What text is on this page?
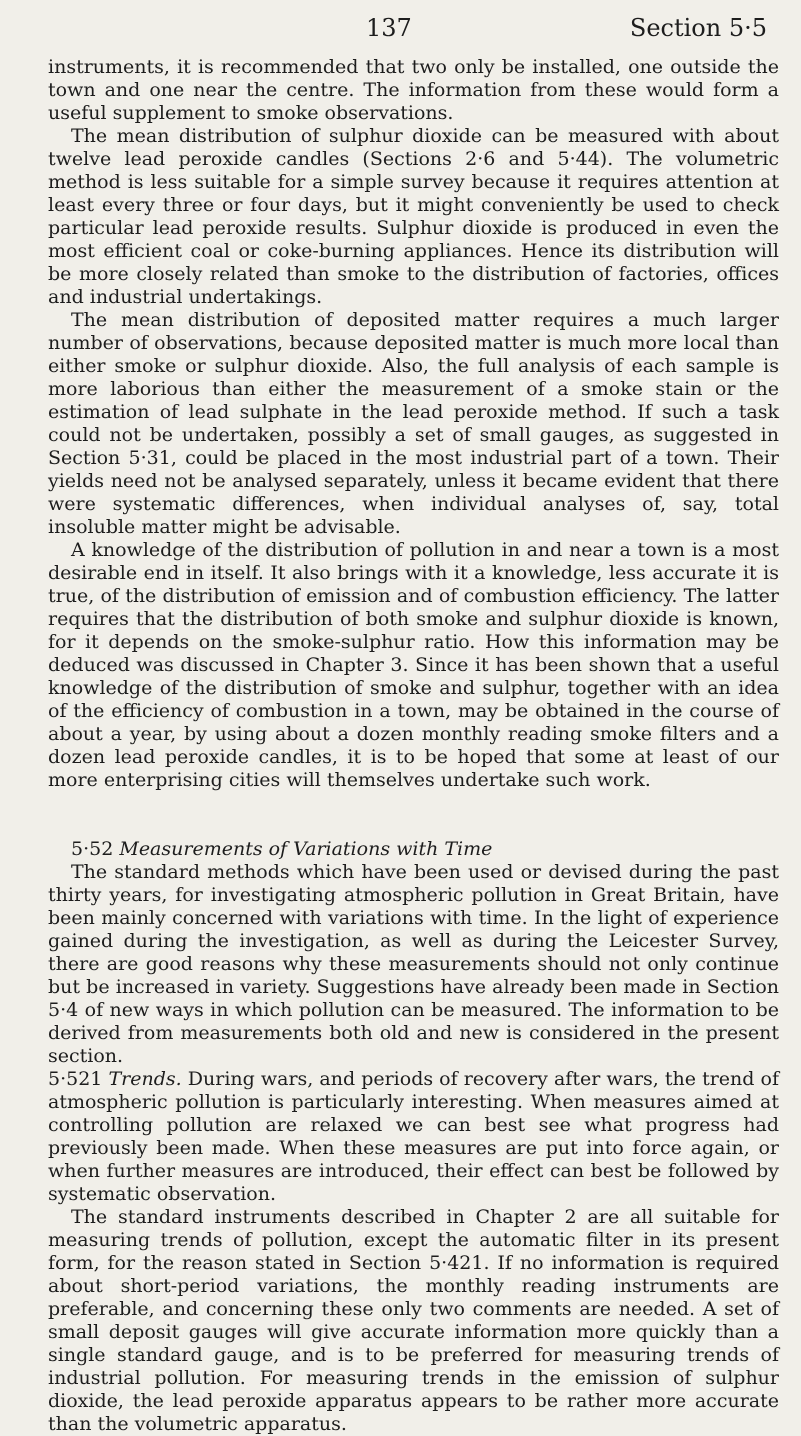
137	Section 5·5

instruments, it is recommended that two only be installed, one outside the town and one near the centre. The information from these would form a useful supplement to smoke observations.

The mean distribution of sulphur dioxide can be measured with about twelve lead peroxide candles (Sections 2·6 and 5·44). The volumetric method is less suitable for a simple survey because it requires attention at least every three or four days, but it might conveniently be used to check particular lead peroxide results. Sulphur dioxide is produced in even the most efficient coal or coke-burning appliances. Hence its distribution will be more closely related than smoke to the distribution of factories, offices and industrial undertakings.

The mean distribution of deposited matter requires a much larger number of observations, because deposited matter is much more local than either smoke or sulphur dioxide. Also, the full analysis of each sample is more laborious than either the measurement of a smoke stain or the estimation of lead sulphate in the lead peroxide method. If such a task could not be undertaken, possibly a set of small gauges, as suggested in Section 5·31, could be placed in the most industrial part of a town. Their yields need not be analysed separately, unless it became evident that there were systematic differences, when individual analyses of, say, total insoluble matter might be advisable.

A knowledge of the distribution of pollution in and near a town is a most desirable end in itself. It also brings with it a knowledge, less accurate it is true, of the distribution of emission and of combustion efficiency. The latter requires that the distribution of both smoke and sulphur dioxide is known, for it depends on the smoke-sulphur ratio. How this information may be deduced was discussed in Chapter 3. Since it has been shown that a useful knowledge of the distribution of smoke and sulphur, together with an idea of the efficiency of combustion in a town, may be obtained in the course of about a year, by using about a dozen monthly reading smoke filters and a dozen lead peroxide candles, it is to be hoped that some at least of our more enterprising cities will themselves undertake such work.

5·52 Measurements of Variations with Time

The standard methods which have been used or devised during the past thirty years, for investigating atmospheric pollution in Great Britain, have been mainly concerned with variations with time. In the light of experience gained during the investigation, as well as during the Leicester Survey, there are good reasons why these measurements should not only continue but be increased in variety. Suggestions have already been made in Section 5·4 of new ways in which pollution can be measured. The information to be derived from measurements both old and new is considered in the present section.

5·521 Trends. During wars, and periods of recovery after wars, the trend of atmospheric pollution is particularly interesting. When measures aimed at controlling pollution are relaxed we can best see what progress had previously been made. When these measures are put into force again, or when further measures are introduced, their effect can best be followed by systematic observation.

The standard instruments described in Chapter 2 are all suitable for measuring trends of pollution, except the automatic filter in its present form, for the reason stated in Section 5·421. If no information is required about short-period variations, the monthly reading instruments are preferable, and concerning these only two comments are needed. A set of small deposit gauges will give accurate information more quickly than a single standard gauge, and is to be preferred for measuring trends of industrial pollution. For measuring trends in the emission of sulphur dioxide, the lead peroxide apparatus appears to be rather more accurate than the volumetric apparatus.
